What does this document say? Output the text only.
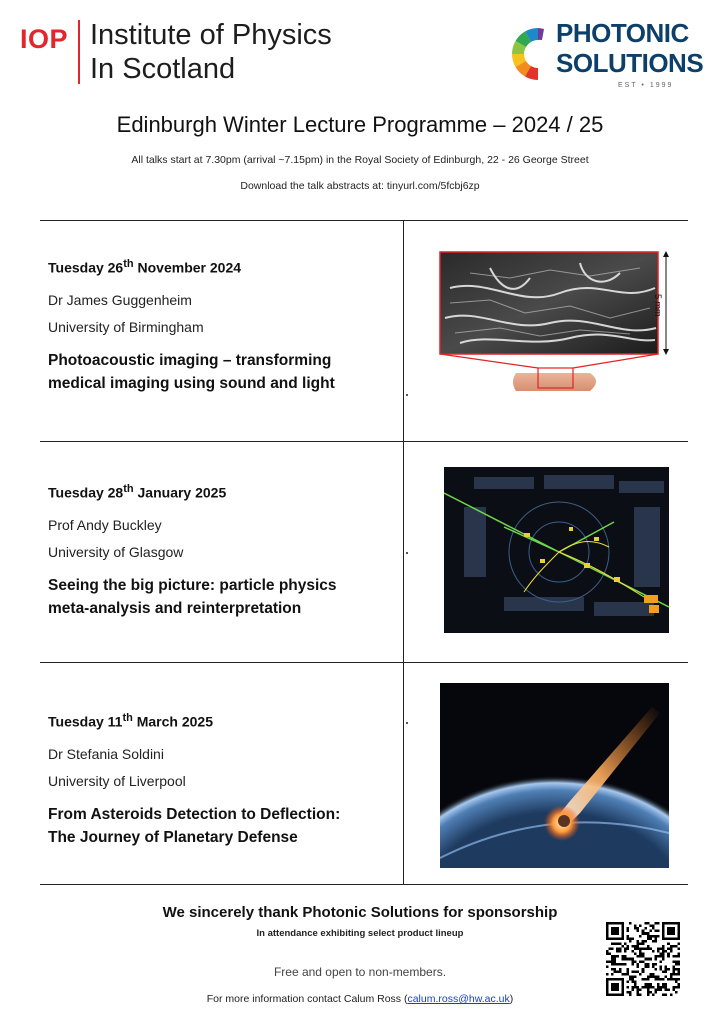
IOP Institute of Physics
In Scotland
PHOTONIC
SOLUTIONS
EST • 1999
Edinburgh Winter Lecture Programme – 2024 / 25
All talks start at 7.30pm (arrival ~7.15pm) in the Royal Society of Edinburgh, 22 - 26 George Street
Download the talk abstracts at: tinyurl.com/5fcbj6zp
Tuesday 26th November 2024
Dr James Guggenheim
University of Birmingham
Photoacoustic imaging – transforming
medical imaging using sound and light
5 mm
Tuesday 28th January 2025
Prof Andy Buckley
University of Glasgow
Seeing the big picture: particle physics
meta-analysis and reinterpretation
Tuesday 11th March 2025
Dr Stefania Soldini
University of Liverpool
From Asteroids Detection to Deflection:
The Journey of Planetary Defense
We sincerely thank Photonic Solutions for sponsorship
In attendance exhibiting select product lineup
Free and open to non-members.
For more information contact Calum Ross (calum.ross@hw.ac.uk)
